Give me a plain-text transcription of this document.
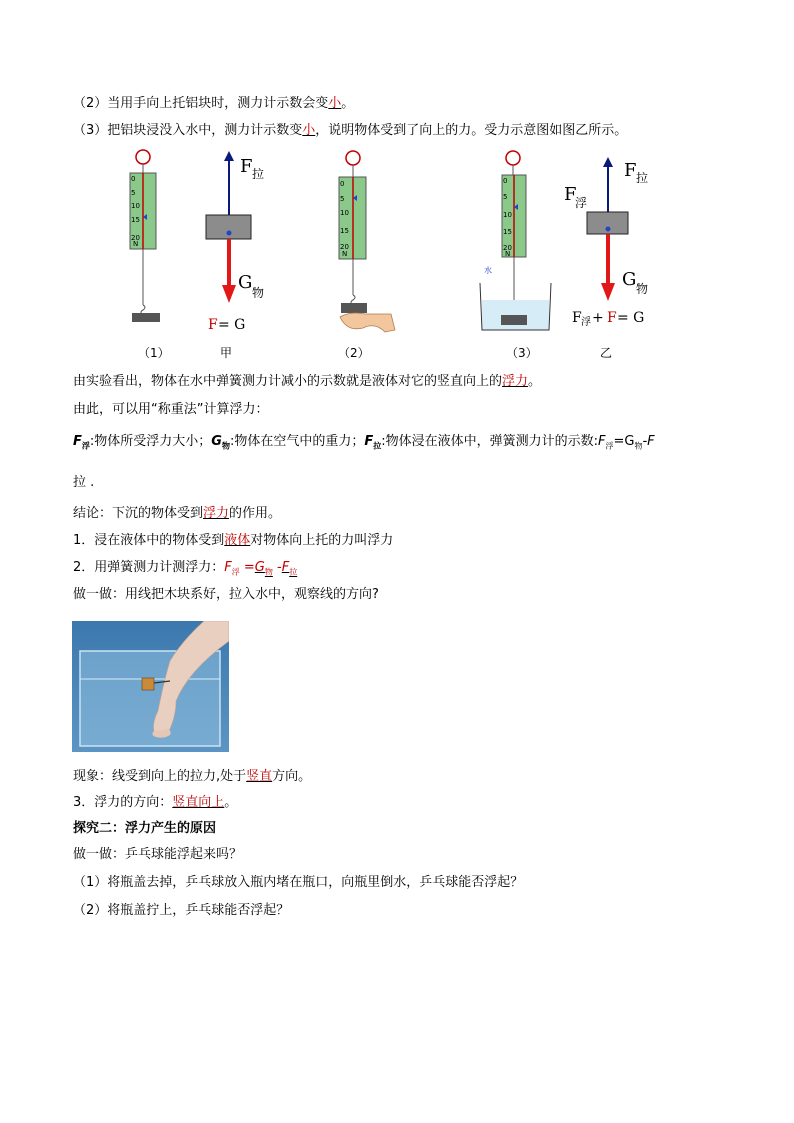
（2）当用手向上托铝块时，测力计示数会变小。
（3）把铝块浸没入水中，测力计示数变小，说明物体受到了向上的力。受力示意图如图乙所示。
0
5
10
15
20
N
F 拉
G 物
F = G
0
5
10
15
20
N
0
5
10
15
20
N
水
F 拉
F
浮
G 物
F 浮 + F = G
（1）	甲	（2）	（3）	乙
由实验看出，物体在水中弹簧测力计减小的示数就是液体对它的竖直向上的浮力。
由此，可以用“称重法”计算浮力：
$F_浮$:物体所受浮力大小；$G_物$:物体在空气中的重力；$F_拉$:物体浸在液体中，弹簧测力计的示数$:F_浮=G_物-F$
拉 .
结论：下沉的物体受到浮力的作用。
1．浸在液体中的物体受到液体对物体向上托的力叫浮力
2．用弹簧测力计测浮力：$F_浮 =G_物$ $-F_拉$
做一做：用线把木块系好，拉入水中，观察线的方向?
现象：线受到向上的拉力,处于竖直方向。
3．浮力的方向：竖直向上。
探究二：浮力产生的原因
做一做：乒乓球能浮起来吗？
（1）将瓶盖去掉，乒乓球放入瓶内堵在瓶口，向瓶里倒水，乒乓球能否浮起？
（2）将瓶盖拧上，乒乓球能否浮起？
